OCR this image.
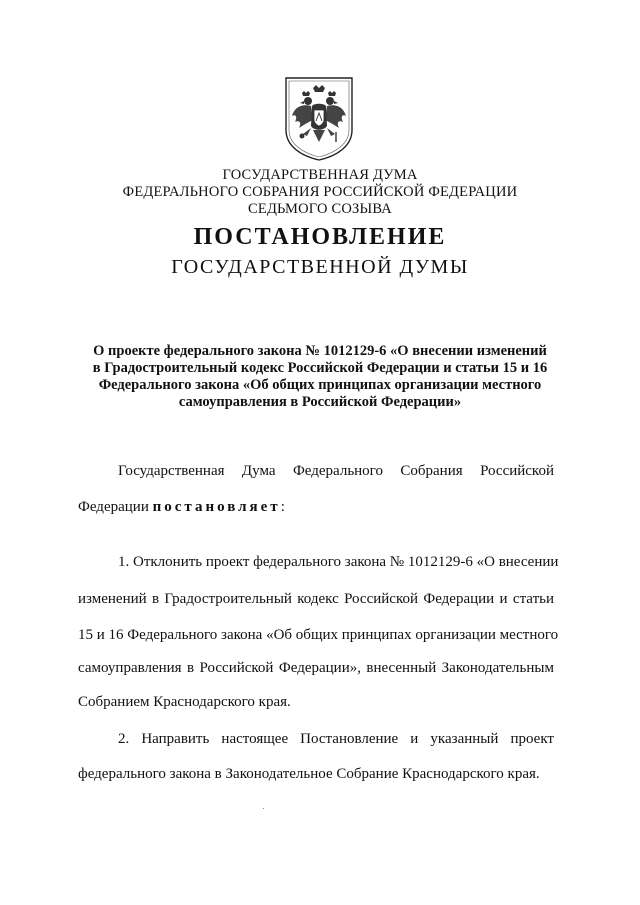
ГОСУДАРСТВЕННАЯ ДУМА
ФЕДЕРАЛЬНОГО СОБРАНИЯ РОССИЙСКОЙ ФЕДЕРАЦИИ
СЕДЬМОГО СОЗЫВА
ПОСТАНОВЛЕНИЕ
ГОСУДАРСТВЕННОЙ ДУМЫ
О проекте федерального закона № 1012129-6 «О внесении изменений
в Градостроительный кодекс Российской Федерации и статьи 15 и 16
Федерального закона «Об общих принципах организации местного
самоуправления в Российской Федерации»
Государственная Дума Федерального Собрания Российской
Федерации постановляет:
1. Отклонить проект федерального закона № 1012129-6 «О внесении
изменений в Градостроительный кодекс Российской Федерации и статьи
15 и 16 Федерального закона «Об общих принципах организации местного
самоуправления в Российской Федерации», внесенный Законодательным
Собранием Краснодарского края.
2. Направить настоящее Постановление и указанный проект
федерального закона в Законодательное Собрание Краснодарского края.
